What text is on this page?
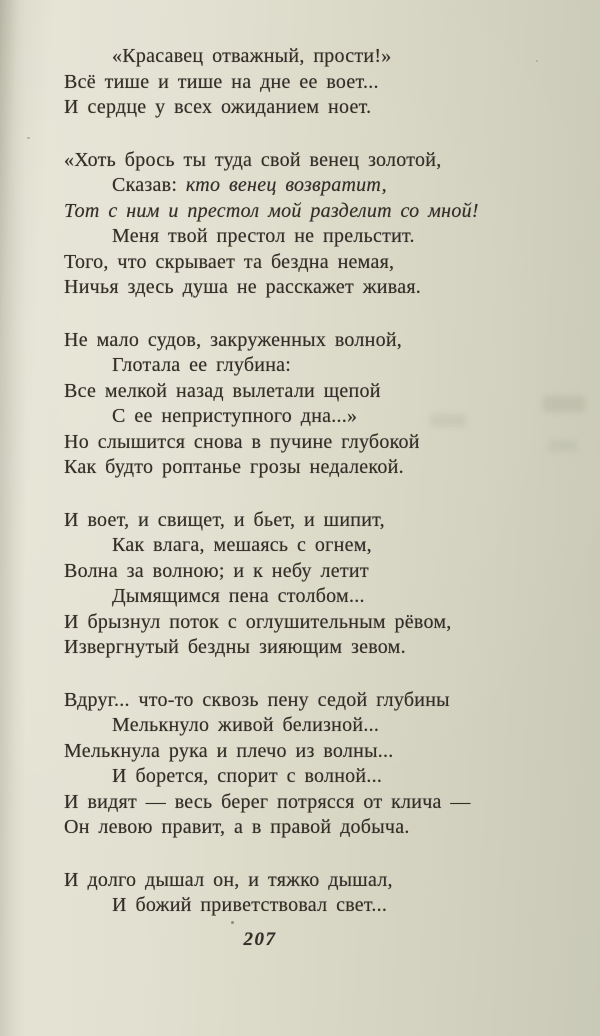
«Красавец отважный, прости!»
Всё тише и тише на дне ее воет...
И сердце у всех ожиданием ноет.
«Хоть брось ты туда свой венец золотой,
Сказав: кто венец возвратит,
Тот с ним и престол мой разделит со мной!
Меня твой престол не прельстит.
Того, что скрывает та бездна немая,
Ничья здесь душа не расскажет живая.
Не мало судов, закруженных волной,
Глотала ее глубина:
Все мелкой назад вылетали щепой
С ее неприступного дна...»
Но слышится снова в пучине глубокой
Как будто роптанье грозы недалекой.
И воет, и свищет, и бьет, и шипит,
Как влага, мешаясь с огнем,
Волна за волною; и к небу летит
Дымящимся пена столбом...
И брызнул поток с оглушительным рёвом,
Извергнутый бездны зияющим зевом.
Вдруг... что-то сквозь пену седой глубины
Мелькнуло живой белизной...
Мелькнула рука и плечо из волны...
И борется, спорит с волной...
И видят — весь берег потрясся от клича —
Он левою правит, а в правой добыча.
И долго дышал он, и тяжко дышал,
И божий приветствовал свет...
207
